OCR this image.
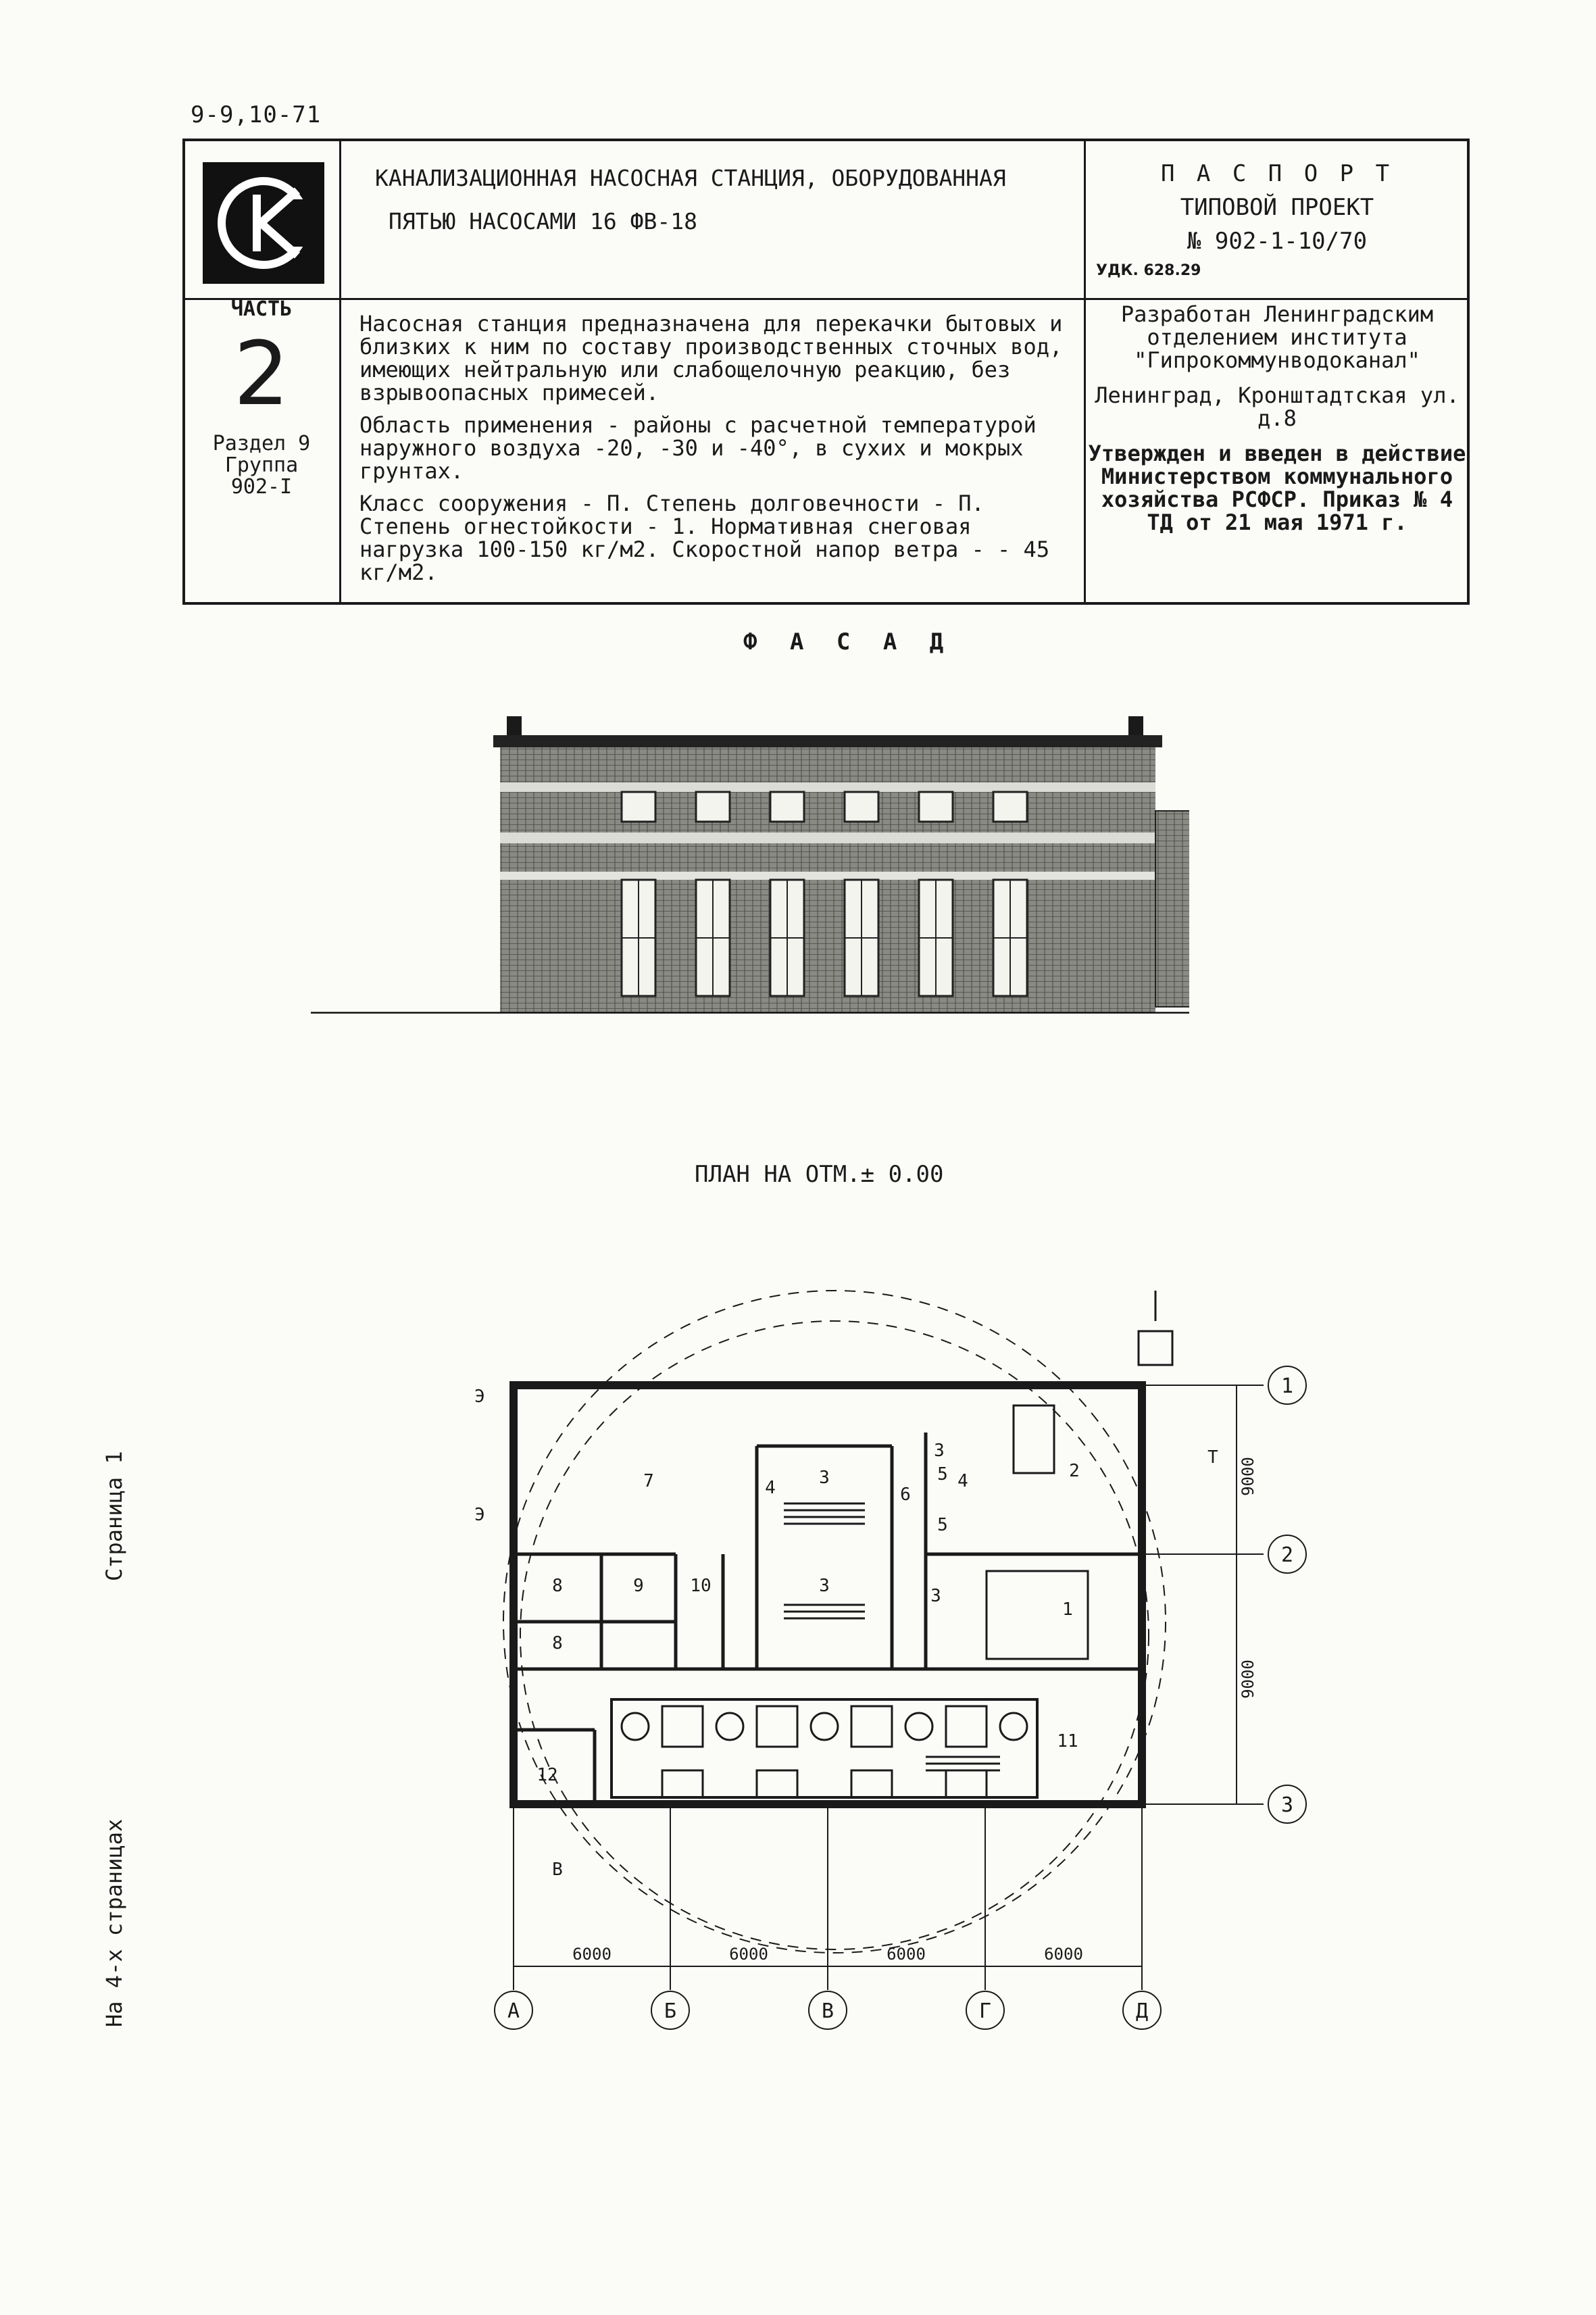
9-9,10-71
КАНАЛИЗАЦИОННАЯ НАСОСНАЯ СТАНЦИЯ, ОБОРУДОВАННАЯ
ПЯТЬЮ НАСОСАМИ 16 ФВ-18
П А С П О Р Т
ТИПОВОЙ ПРОЕКТ
№ 902-1-10/70
УДК. 628.29
ЧАСТЬ
2
Раздел 9
Группа
902-I

Насосная станция предназначена для перекачки бытовых и близких к ним по составу производственных сточных вод, имеющих нейтральную или слабощелочную реакцию, без взрывоопасных примесей.

Область применения - районы с расчетной температурой наружного воздуха -20, -30 и -40°, в сухих и мокрых грунтах.

Класс сооружения - П. Степень долговечности - П. Степень огнестойкости - 1. Нормативная снеговая нагрузка 100-150 кг/м2. Скоростной напор ветра - - 45 кг/м2.

Разработан Ленинградским отделением института "Гипрокоммунводоканал"

Ленинград, Кронштадтская ул. д.8

Утвержден и введен в действие Министерством коммунального хозяйства РСФСР. Приказ № 4 ТД от 21 мая 1971 г.

Ф А С А Д
ПЛАН НА ОТМ.± 0.00
1
2
3
3
3
3
4	4
5
5
6
7
8
8
9	10
11
12
Э
Э
Т
В
1
2
3
9000
9000
6000	6000	6000	6000
А	Б	В	Г	Д
Страница 1
На 4-х страницах
